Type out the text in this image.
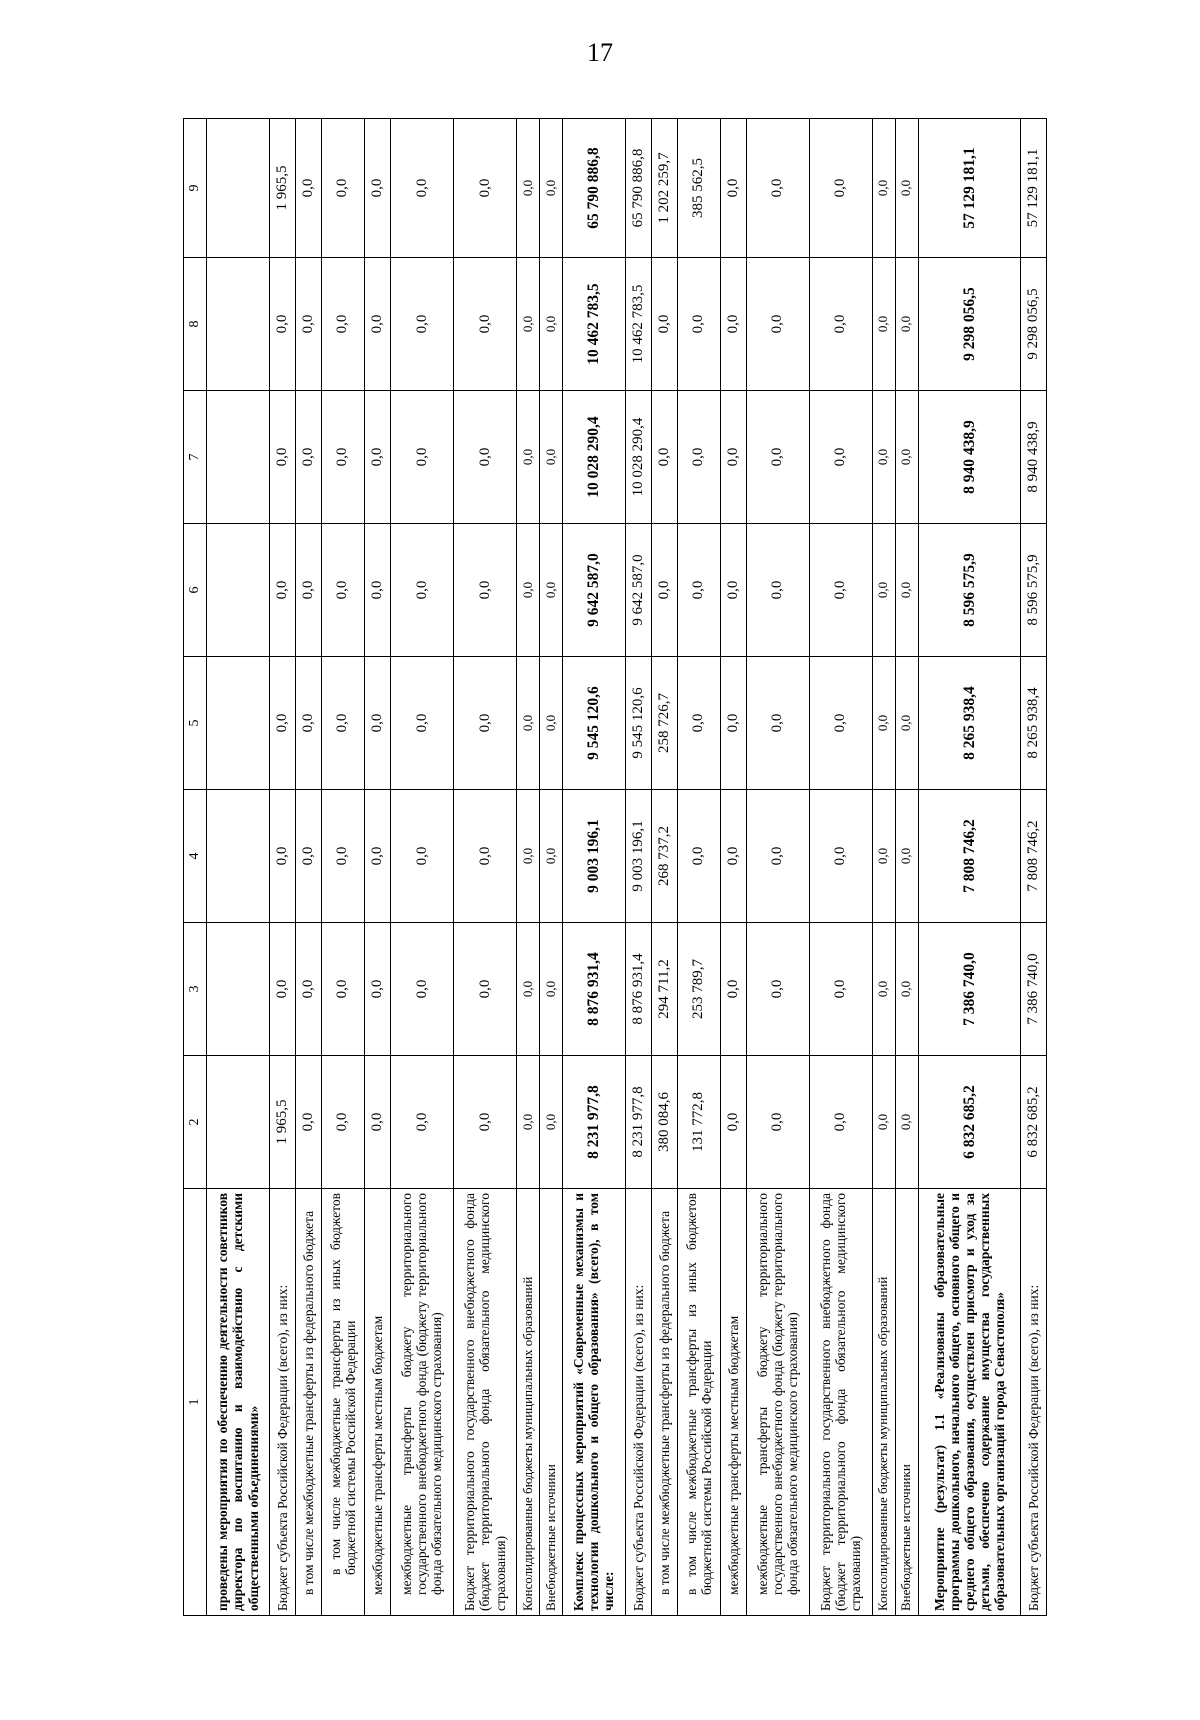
17
1	2	3	4	5	6	7	8	9
проведены мероприятия по обеспечению деятельности советников директора по воспитанию и взаимодействию с детскими общественными объединениями»								
Бюджет субъекта Российской Федерации (всего), из них:	1 965,5	0,0	0,0	0,0	0,0	0,0	0,0	1 965,5
в том числе межбюджетные трансферты из федерального бюджета	0,0	0,0	0,0	0,0	0,0	0,0	0,0	0,0
в том числе межбюджетные трансферты из иных бюджетов бюджетной системы Российской Федерации	0,0	0,0	0,0	0,0	0,0	0,0	0,0	0,0
межбюджетные трансферты местным бюджетам	0,0	0,0	0,0	0,0	0,0	0,0	0,0	0,0
межбюджетные трансферты бюджету территориального государственного внебюджетного фонда (бюджету территориального фонда обязательного медицинского страхования)	0,0	0,0	0,0	0,0	0,0	0,0	0,0	0,0
Бюджет территориального государственного внебюджетного фонда (бюджет территориального фонда обязательного медицинского страхования)	0,0	0,0	0,0	0,0	0,0	0,0	0,0	0,0
Консолидированные бюджеты муниципальных образований	0,0	0,0	0,0	0,0	0,0	0,0	0,0	0,0
Внебюджетные источники	0,0	0,0	0,0	0,0	0,0	0,0	0,0	0,0
Комплекс процессных мероприятий «Современные механизмы и технологии дошкольного и общего образования» (всего), в том числе:	8 231 977,8	8 876 931,4	9 003 196,1	9 545 120,6	9 642 587,0	10 028 290,4	10 462 783,5	65 790 886,8
Бюджет субъекта Российской Федерации (всего), из них:	8 231 977,8	8 876 931,4	9 003 196,1	9 545 120,6	9 642 587,0	10 028 290,4	10 462 783,5	65 790 886,8
в том числе межбюджетные трансферты из федерального бюджета	380 084,6	294 711,2	268 737,2	258 726,7	0,0	0,0	0,0	1 202 259,7
в том числе межбюджетные трансферты из иных бюджетов бюджетной системы Российской Федерации	131 772,8	253 789,7	0,0	0,0	0,0	0,0	0,0	385 562,5
межбюджетные трансферты местным бюджетам	0,0	0,0	0,0	0,0	0,0	0,0	0,0	0,0
межбюджетные трансферты бюджету территориального государственного внебюджетного фонда (бюджету территориального фонда обязательного медицинского страхования)	0,0	0,0	0,0	0,0	0,0	0,0	0,0	0,0
Бюджет территориального государственного внебюджетного фонда (бюджет территориального фонда обязательного медицинского страхования)	0,0	0,0	0,0	0,0	0,0	0,0	0,0	0,0
Консолидированные бюджеты муниципальных образований	0,0	0,0	0,0	0,0	0,0	0,0	0,0	0,0
Внебюджетные источники	0,0	0,0	0,0	0,0	0,0	0,0	0,0	0,0
Мероприятие (результат) 1.1 «Реализованы образовательные программы дошкольного, начального общего, основного общего и среднего общего образования, осуществлен присмотр и уход за детьми, обеспечено содержание имущества государственных образовательных организаций города Севастополя»	6 832 685,2	7 386 740,0	7 808 746,2	8 265 938,4	8 596 575,9	8 940 438,9	9 298 056,5	57 129 181,1
Бюджет субъекта Российской Федерации (всего), из них:	6 832 685,2	7 386 740,0	7 808 746,2	8 265 938,4	8 596 575,9	8 940 438,9	9 298 056,5	57 129 181,1
